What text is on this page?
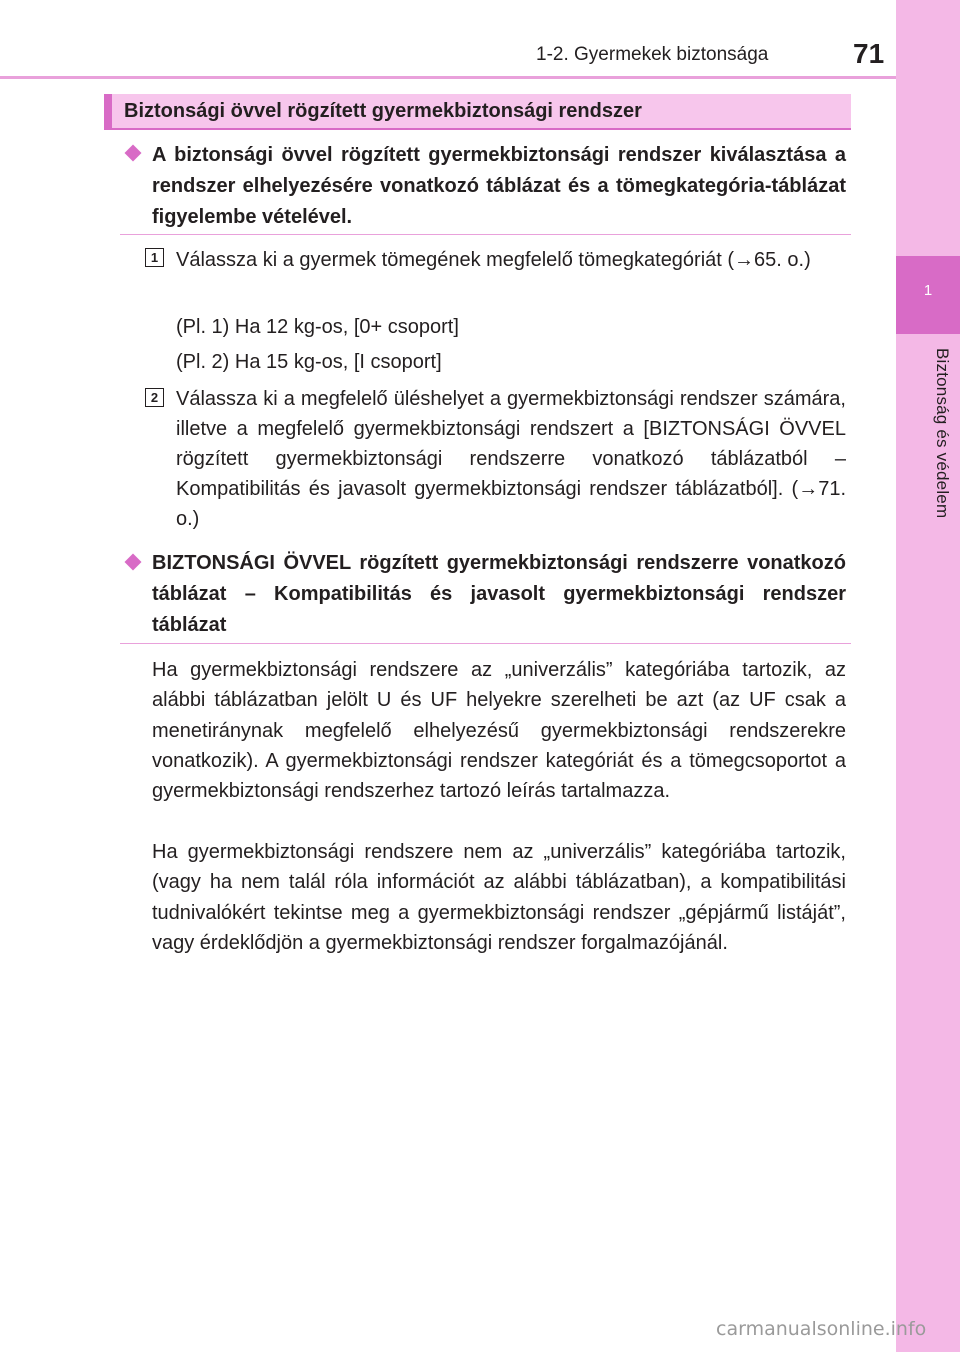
1
Biztonság és védelem
1-2. Gyermekek biztonsága	71
Biztonsági övvel rögzített gyermekbiztonsági rendszer
A biztonsági övvel rögzített gyermekbiztonsági rendszer kiválasztása a rendszer elhelyezésére vonatkozó táblázat és a tömegkategória-táblázat figyelembe vételével.
1 Válassza ki a gyermek tömegének megfelelő tömegkategóriát (→65. o.)
(Pl. 1) Ha 12 kg-os, [0+ csoport]
(Pl. 2) Ha 15 kg-os, [I csoport]
2 Válassza ki a megfelelő üléshelyet a gyermekbiztonsági rendszer számára, illetve a megfelelő gyermekbiztonsági rendszert a [BIZTONSÁGI ÖVVEL rögzített gyermekbiztonsági rendszerre vonatkozó táblázatból – Kompatibilitás és javasolt gyermekbiztonsági rendszer táblázatból]. (→71. o.)
BIZTONSÁGI ÖVVEL rögzített gyermekbiztonsági rendszerre vonatkozó táblázat – Kompatibilitás és javasolt gyermekbiztonsági rendszer táblázat
Ha gyermekbiztonsági rendszere az „univerzális” kategóriába tartozik, az alábbi táblázatban jelölt U és UF helyekre szerelheti be azt (az UF csak a menetiránynak megfelelő elhelyezésű gyermekbiztonsági rendszerekre vonatkozik). A gyermekbiztonsági rendszer kategóriát és a tömegcsoportot a gyermekbiztonsági rendszerhez tartozó leírás tartalmazza.
Ha gyermekbiztonsági rendszere nem az „univerzális” kategóriába tartozik, (vagy ha nem talál róla információt az alábbi táblázatban), a kompatibilitási tudnivalókért tekintse meg a gyermekbiztonsági rendszer „gépjármű listáját”, vagy érdeklődjön a gyermekbiztonsági rendszer forgalmazójánál.
carmanualsonline.info
